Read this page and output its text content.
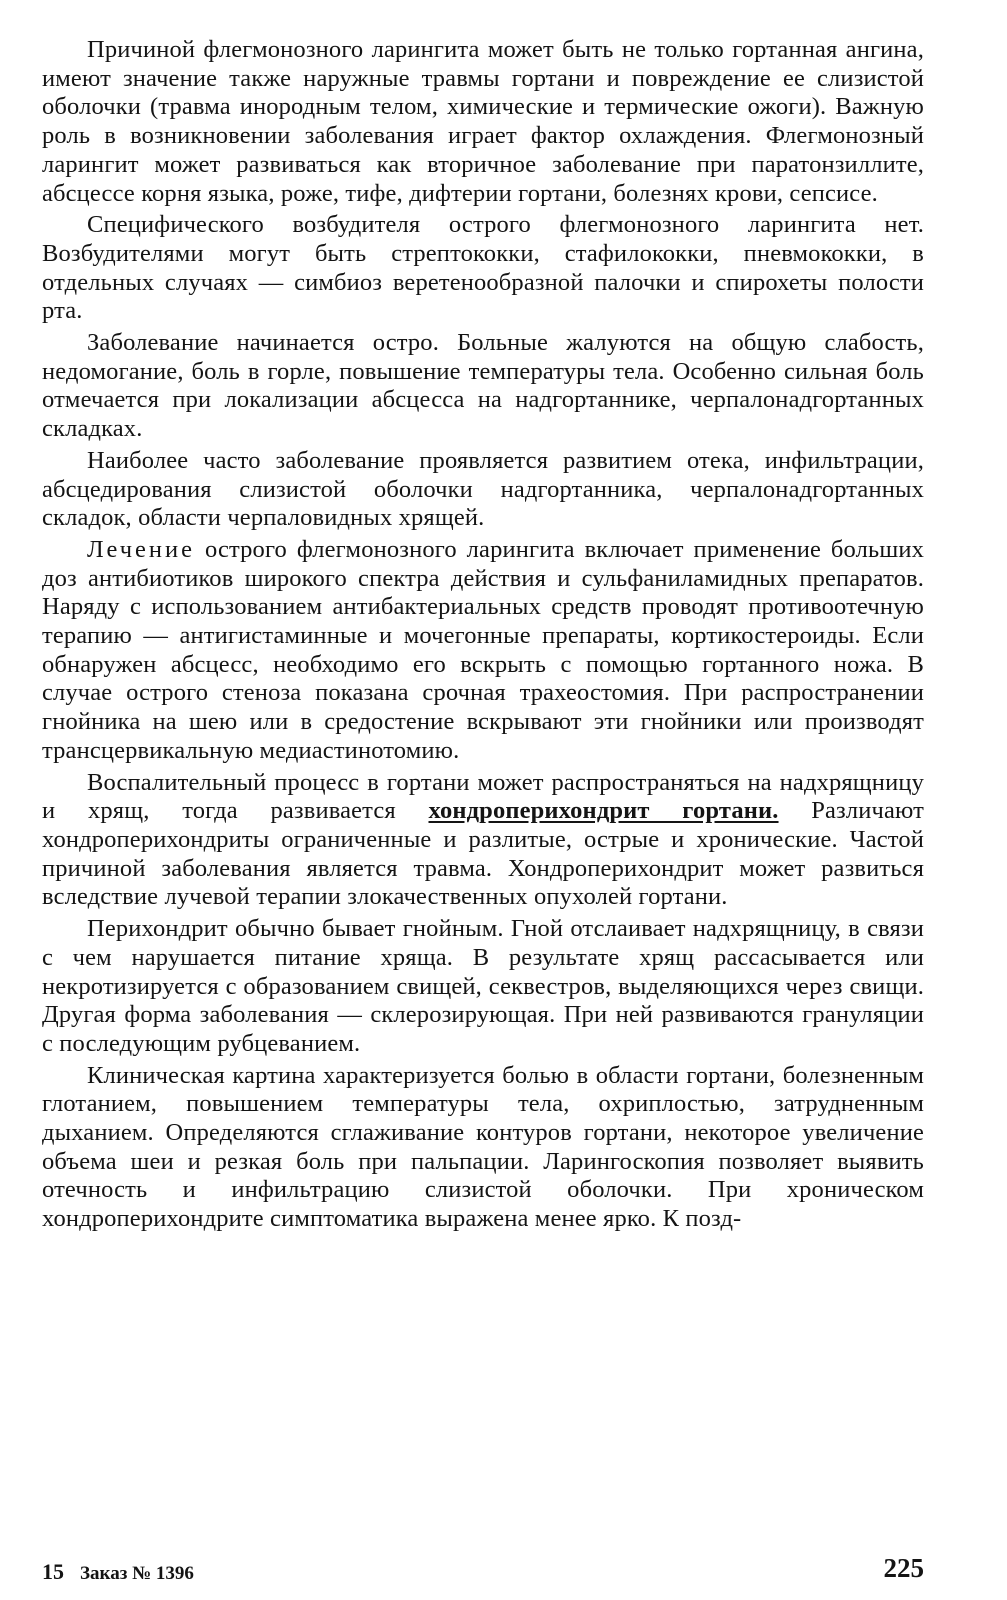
Причиной флегмонозного ларингита может быть не только гортанная ангина, имеют значение также наружные травмы гортани и повреждение ее слизистой оболочки (травма инородным телом, химические и термические ожоги). Важную роль в возникновении заболевания играет фактор охлаждения. Флегмонозный ларингит может развиваться как вторичное заболевание при паратонзиллите, абсцессе корня языка, роже, тифе, дифтерии гортани, болезнях крови, сепсисе.

Специфического возбудителя острого флегмонозного ларингита нет. Возбудителями могут быть стрептококки, стафилококки, пневмококки, в отдельных случаях — симбиоз веретенообразной палочки и спирохеты полости рта.

Заболевание начинается остро. Больные жалуются на общую слабость, недомогание, боль в горле, повышение температуры тела. Особенно сильная боль отмечается при локализации абсцесса на надгортаннике, черпалонадгортанных складках.

Наиболее часто заболевание проявляется развитием отека, инфильтрации, абсцедирования слизистой оболочки надгортанника, черпалонадгортанных складок, области черпаловидных хрящей.

Лечение острого флегмонозного ларингита включает применение больших доз антибиотиков широкого спектра действия и сульфаниламидных препаратов. Наряду с использованием антибактериальных средств проводят противоотечную терапию — антигистаминные и мочегонные препараты, кортикостероиды. Если обнаружен абсцесс, необходимо его вскрыть с помощью гортанного ножа. В случае острого стеноза показана срочная трахеостомия. При распространении гнойника на шею или в средостение вскрывают эти гнойники или производят трансцервикальную медиастинотомию.

Воспалительный процесс в гортани может распространяться на надхрящницу и хрящ, тогда развивается хондроперихондрит гортани. Различают хондроперихондриты ограниченные и разлитые, острые и хронические. Частой причиной заболевания является травма. Хондроперихондрит может развиться вследствие лучевой терапии злокачественных опухолей гортани.

Перихондрит обычно бывает гнойным. Гной отслаивает надхрящницу, в связи с чем нарушается питание хряща. В результате хрящ рассасывается или некротизируется с образованием свищей, секвестров, выделяющихся через свищи. Другая форма заболевания — склерозирующая. При ней развиваются грануляции с последующим рубцеванием.

Клиническая картина характеризуется болью в области гортани, болезненным глотанием, повышением температуры тела, охриплостью, затрудненным дыханием. Определяются сглаживание контуров гортани, некоторое увеличение объема шеи и резкая боль при пальпации. Ларингоскопия позволяет выявить отечность и инфильтрацию слизистой оболочки. При хроническом хондроперихондрите симптоматика выражена менее ярко. К позд-

15 Заказ № 1396	225
